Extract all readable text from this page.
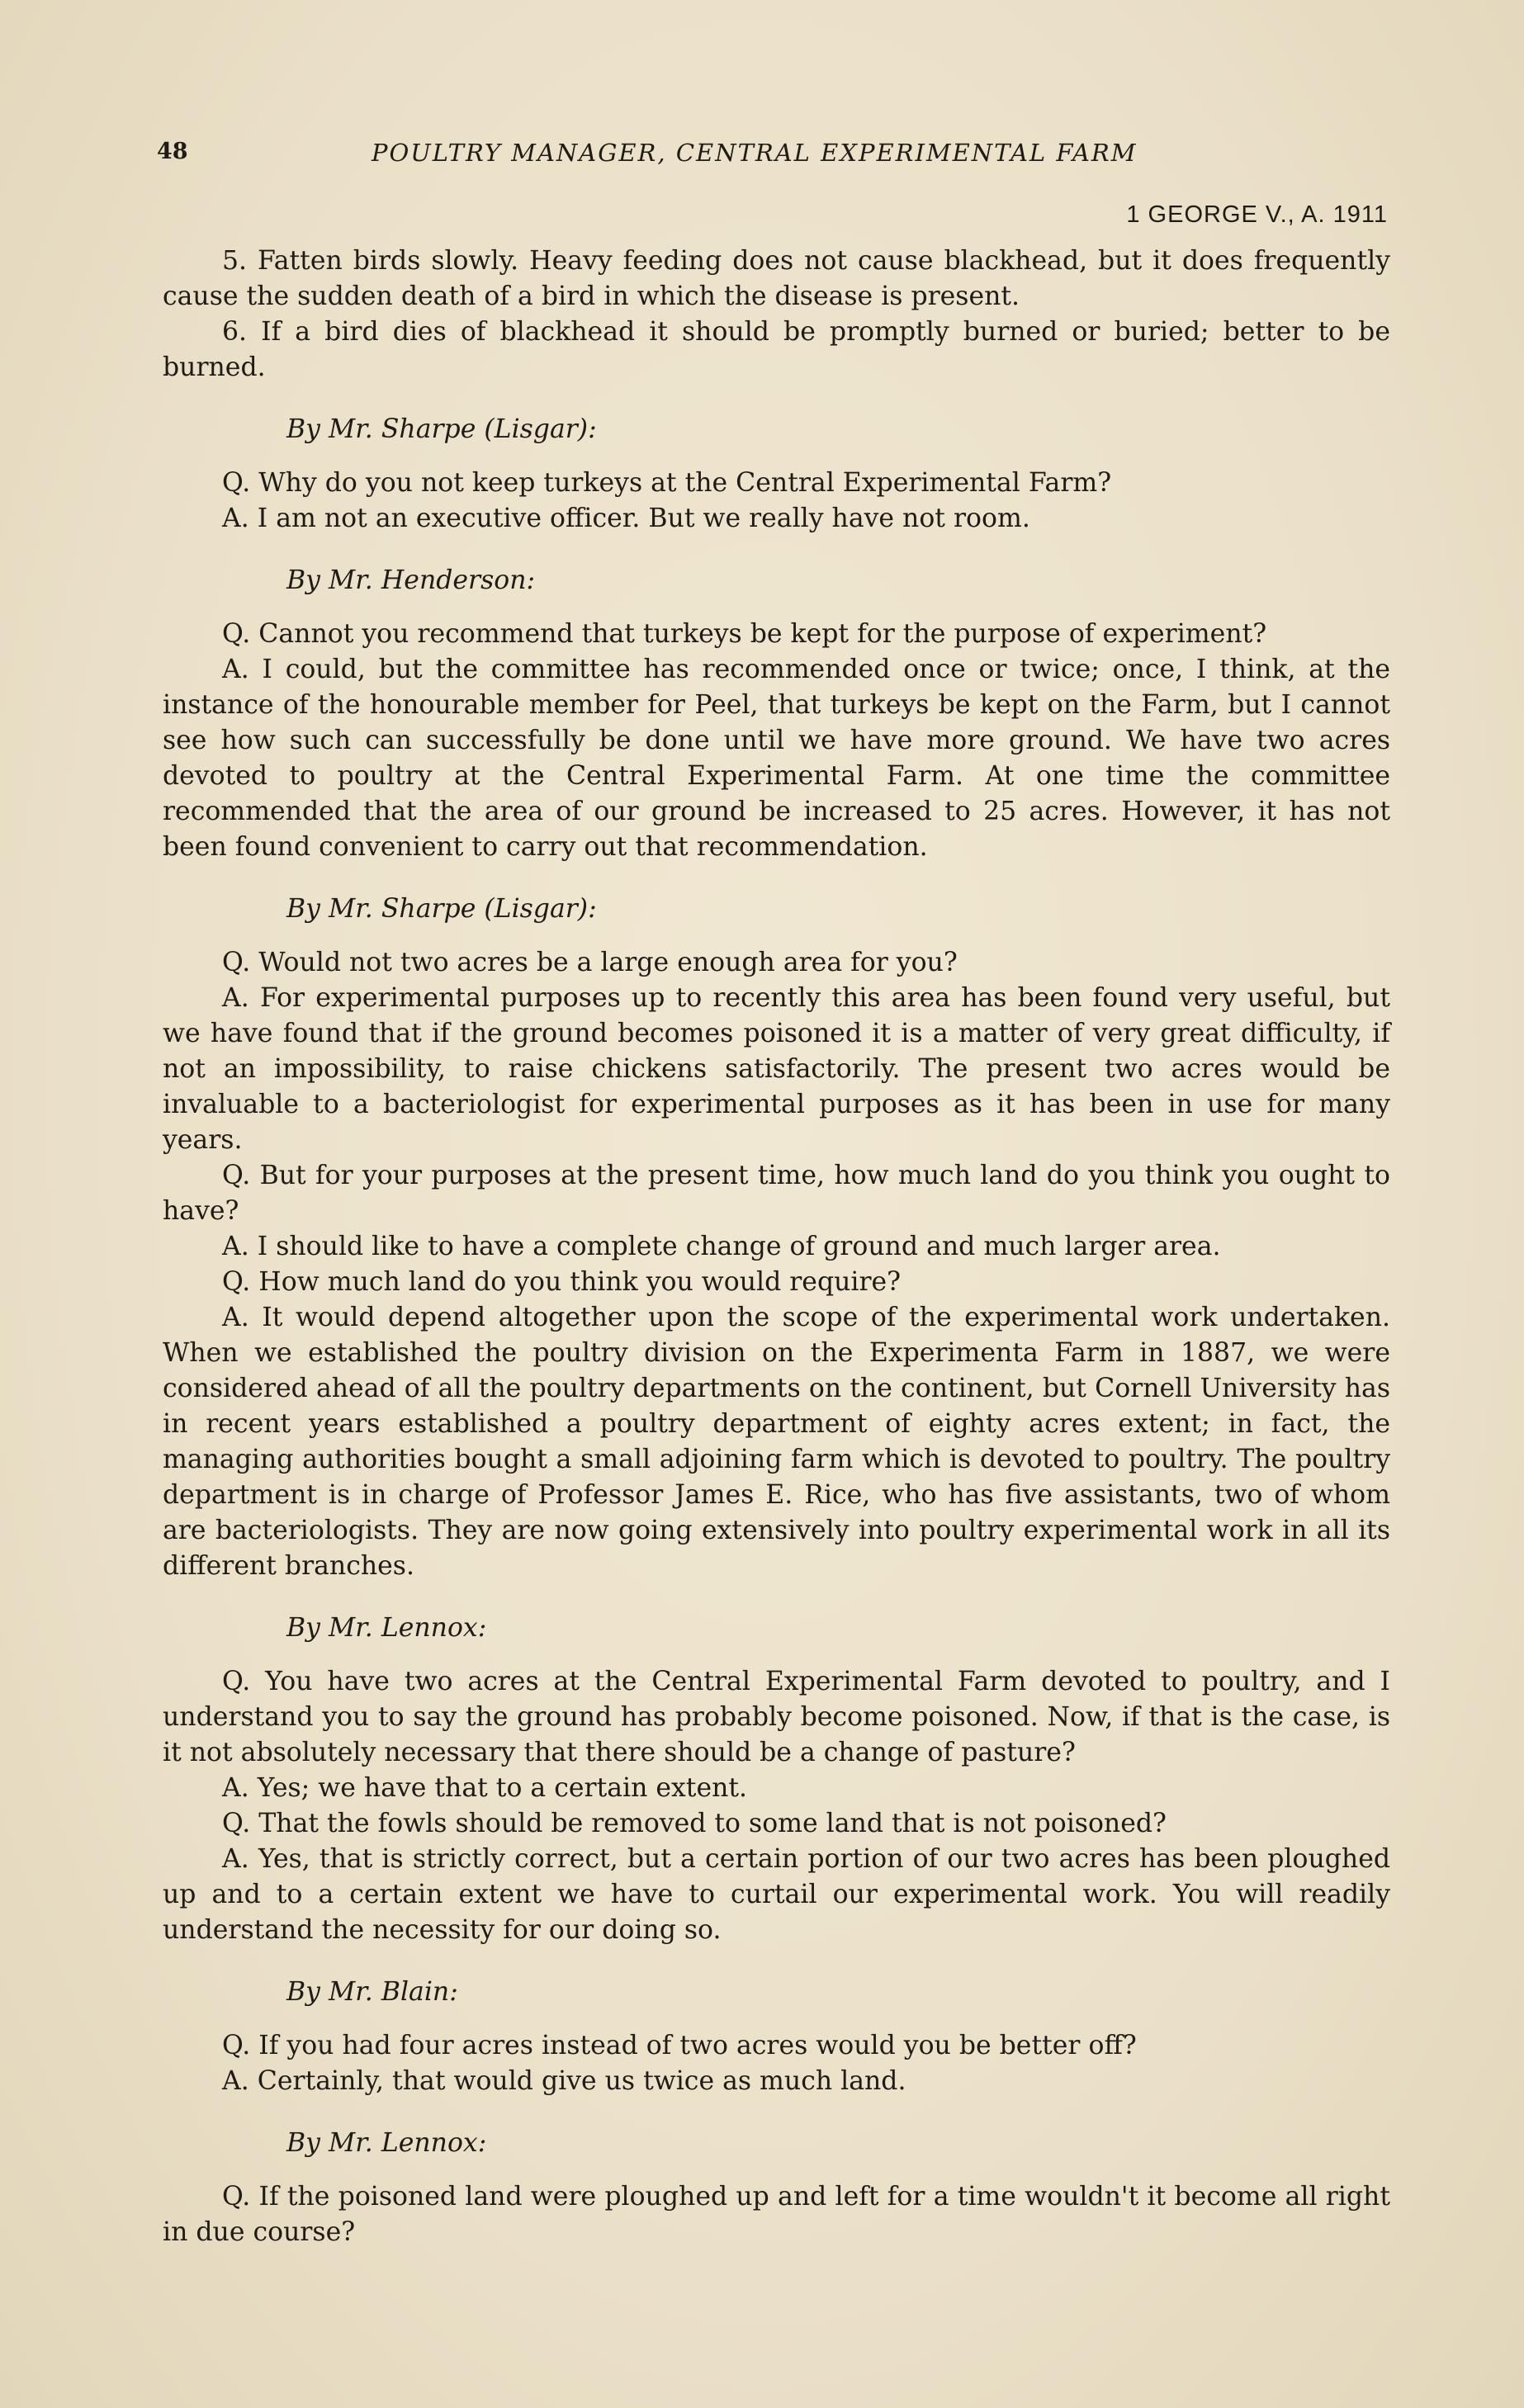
48	POULTRY MANAGER, CENTRAL EXPERIMENTAL FARM
1 GEORGE V., A. 1911

5. Fatten birds slowly. Heavy feeding does not cause blackhead, but it does frequently cause the sudden death of a bird in which the disease is present.

6. If a bird dies of blackhead it should be promptly burned or buried; better to be burned.

By Mr. Sharpe (Lisgar):

Q. Why do you not keep turkeys at the Central Experimental Farm?

A. I am not an executive officer. But we really have not room.

By Mr. Henderson:

Q. Cannot you recommend that turkeys be kept for the purpose of experiment?

A. I could, but the committee has recommended once or twice; once, I think, at the instance of the honourable member for Peel, that turkeys be kept on the Farm, but I cannot see how such can successfully be done until we have more ground. We have two acres devoted to poultry at the Central Experimental Farm. At one time the committee recommended that the area of our ground be increased to 25 acres. However, it has not been found convenient to carry out that recommendation.

By Mr. Sharpe (Lisgar):

Q. Would not two acres be a large enough area for you?

A. For experimental purposes up to recently this area has been found very useful, but we have found that if the ground becomes poisoned it is a matter of very great difficulty, if not an impossibility, to raise chickens satisfactorily. The present two acres would be invaluable to a bacteriologist for experimental purposes as it has been in use for many years.

Q. But for your purposes at the present time, how much land do you think you ought to have?

A. I should like to have a complete change of ground and much larger area.

Q. How much land do you think you would require?

A. It would depend altogether upon the scope of the experimental work undertaken. When we established the poultry division on the Experimenta Farm in 1887, we were considered ahead of all the poultry departments on the continent, but Cornell University has in recent years established a poultry department of eighty acres extent; in fact, the managing authorities bought a small adjoining farm which is devoted to poultry. The poultry department is in charge of Professor James E. Rice, who has five assistants, two of whom are bacteriologists. They are now going extensively into poultry experimental work in all its different branches.

By Mr. Lennox:

Q. You have two acres at the Central Experimental Farm devoted to poultry, and I understand you to say the ground has probably become poisoned. Now, if that is the case, is it not absolutely necessary that there should be a change of pasture?

A. Yes; we have that to a certain extent.

Q. That the fowls should be removed to some land that is not poisoned?

A. Yes, that is strictly correct, but a certain portion of our two acres has been ploughed up and to a certain extent we have to curtail our experimental work. You will readily understand the necessity for our doing so.

By Mr. Blain:

Q. If you had four acres instead of two acres would you be better off?

A. Certainly, that would give us twice as much land.

By Mr. Lennox:

Q. If the poisoned land were ploughed up and left for a time wouldn't it become all right in due course?
